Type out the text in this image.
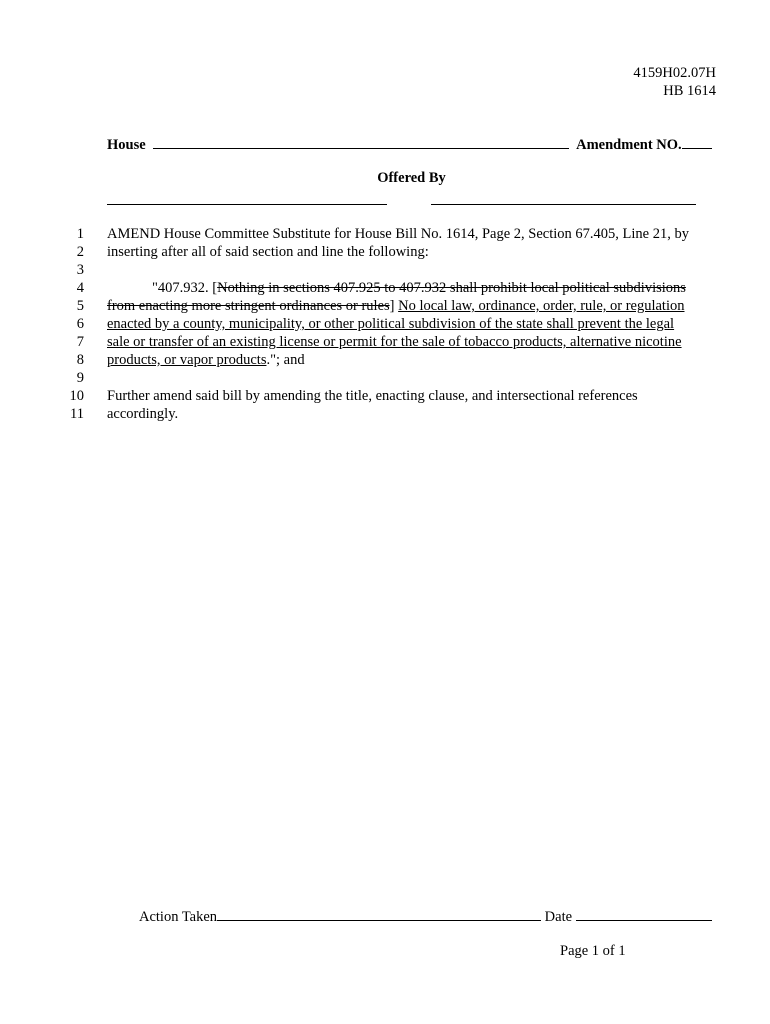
4159H02.07H
HB 1614
House	Amendment NO.
Offered By
1
2
3
4
5
6
7
8
9
10
11
AMEND House Committee Substitute for House Bill No. 1614, Page 2, Section 67.405, Line 21, by
inserting after all of said section and line the following:
"407.932. [Nothing in sections 407.925 to 407.932 shall prohibit local political subdivisions
from enacting more stringent ordinances or rules] No local law, ordinance, order, rule, or regulation
enacted by a county, municipality, or other political subdivision of the state shall prevent the legal
sale or transfer of an existing license or permit for the sale of tobacco products, alternative nicotine
products, or vapor products."; and
Further amend said bill by amending the title, enacting clause, and intersectional references
accordingly.
Action Taken	Date
Page 1 of 1
